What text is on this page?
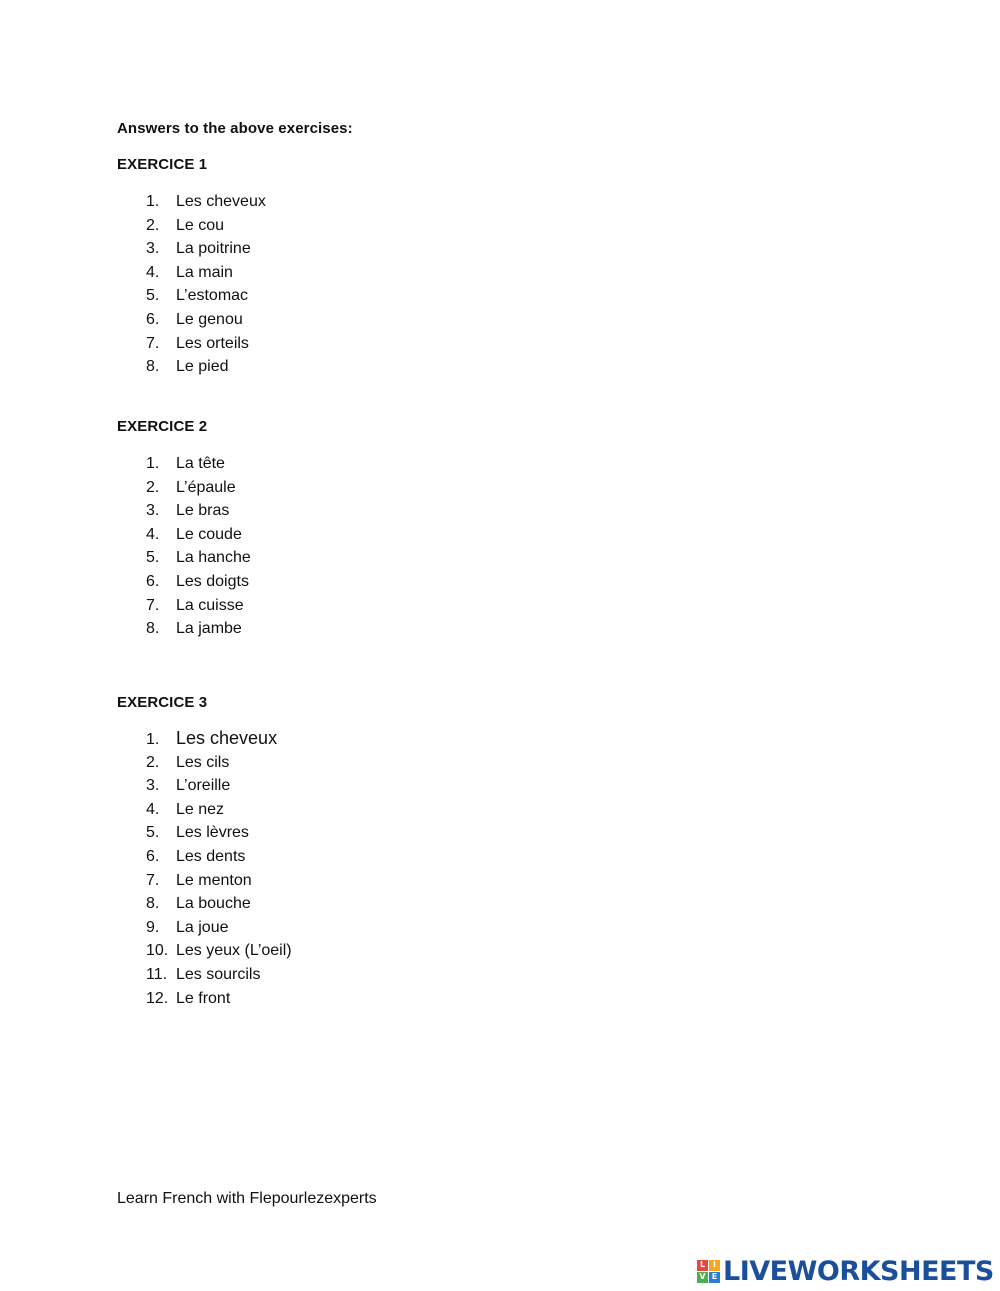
Answers to the above exercises:

EXERCICE 1

1.	Les cheveux
2.	Le cou
3.	La poitrine
4.	La main
5.	L’estomac
6.	Le genou
7.	Les orteils
8.	Le pied

EXERCICE 2

1.	La tête
2.	L’épaule
3.	Le bras
4.	Le coude
5.	La hanche
6.	Les doigts
7.	La cuisse
8.	La jambe

EXERCICE 3

1. Les cheveux
2.	Les cils
3.	L’oreille
4.	Le nez
5.	Les lèvres
6.	Les dents
7.	Le menton
8.	La bouche
9.	La joue
10. Les yeux (L’oeil)
11. Les sourcils
12. Le front
Learn French with Flepourlezexperts
L I
V E LIVEWORKSHEETS
